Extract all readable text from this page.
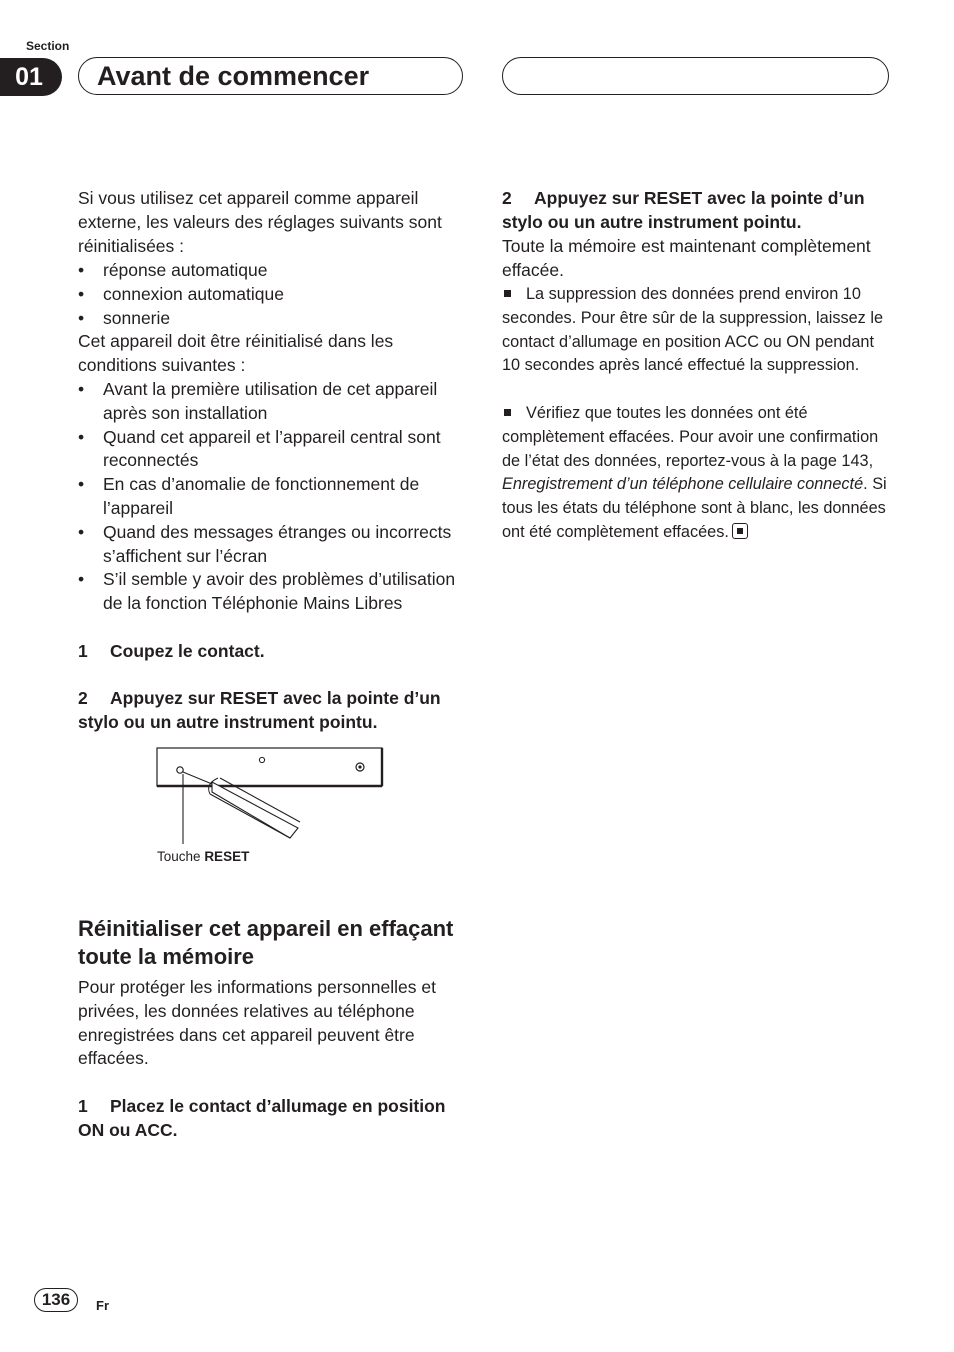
Section
01	Avant de commencer
Si vous utilisez cet appareil comme appareil externe, les valeurs des réglages suivants sont réinitialisées :
• réponse automatique
• connexion automatique
• sonnerie
Cet appareil doit être réinitialisé dans les conditions suivantes :
• Avant la première utilisation de cet appareil après son installation
• Quand cet appareil et l’appareil central sont reconnectés
• En cas d’anomalie de fonctionnement de l’appareil
• Quand des messages étranges ou incorrects s’affichent sur l’écran
• S’il semble y avoir des problèmes d’utilisation de la fonction Téléphonie Mains Libres
1 Coupez le contact.
2 Appuyez sur RESET avec la pointe d’un stylo ou un autre instrument pointu.
Touche RESET
Réinitialiser cet appareil en effaçant toute la mémoire
Pour protéger les informations personnelles et privées, les données relatives au téléphone enregistrées dans cet appareil peuvent être effacées.
1 Placez le contact d’allumage en position ON ou ACC.
2 Appuyez sur RESET avec la pointe d’un stylo ou un autre instrument pointu.
Toute la mémoire est maintenant complètement effacée.
La suppression des données prend environ 10 secondes. Pour être sûr de la suppression, laissez le contact d’allumage en position ACC ou ON pendant 10 secondes après lancé effectué la suppression.
Vérifiez que toutes les données ont été complètement effacées. Pour avoir une confirmation de l’état des données, reportez-vous à la page 143, Enregistrement d’un téléphone cellulaire connecté. Si tous les états du téléphone sont à blanc, les données ont été complètement effacées.
136	Fr
